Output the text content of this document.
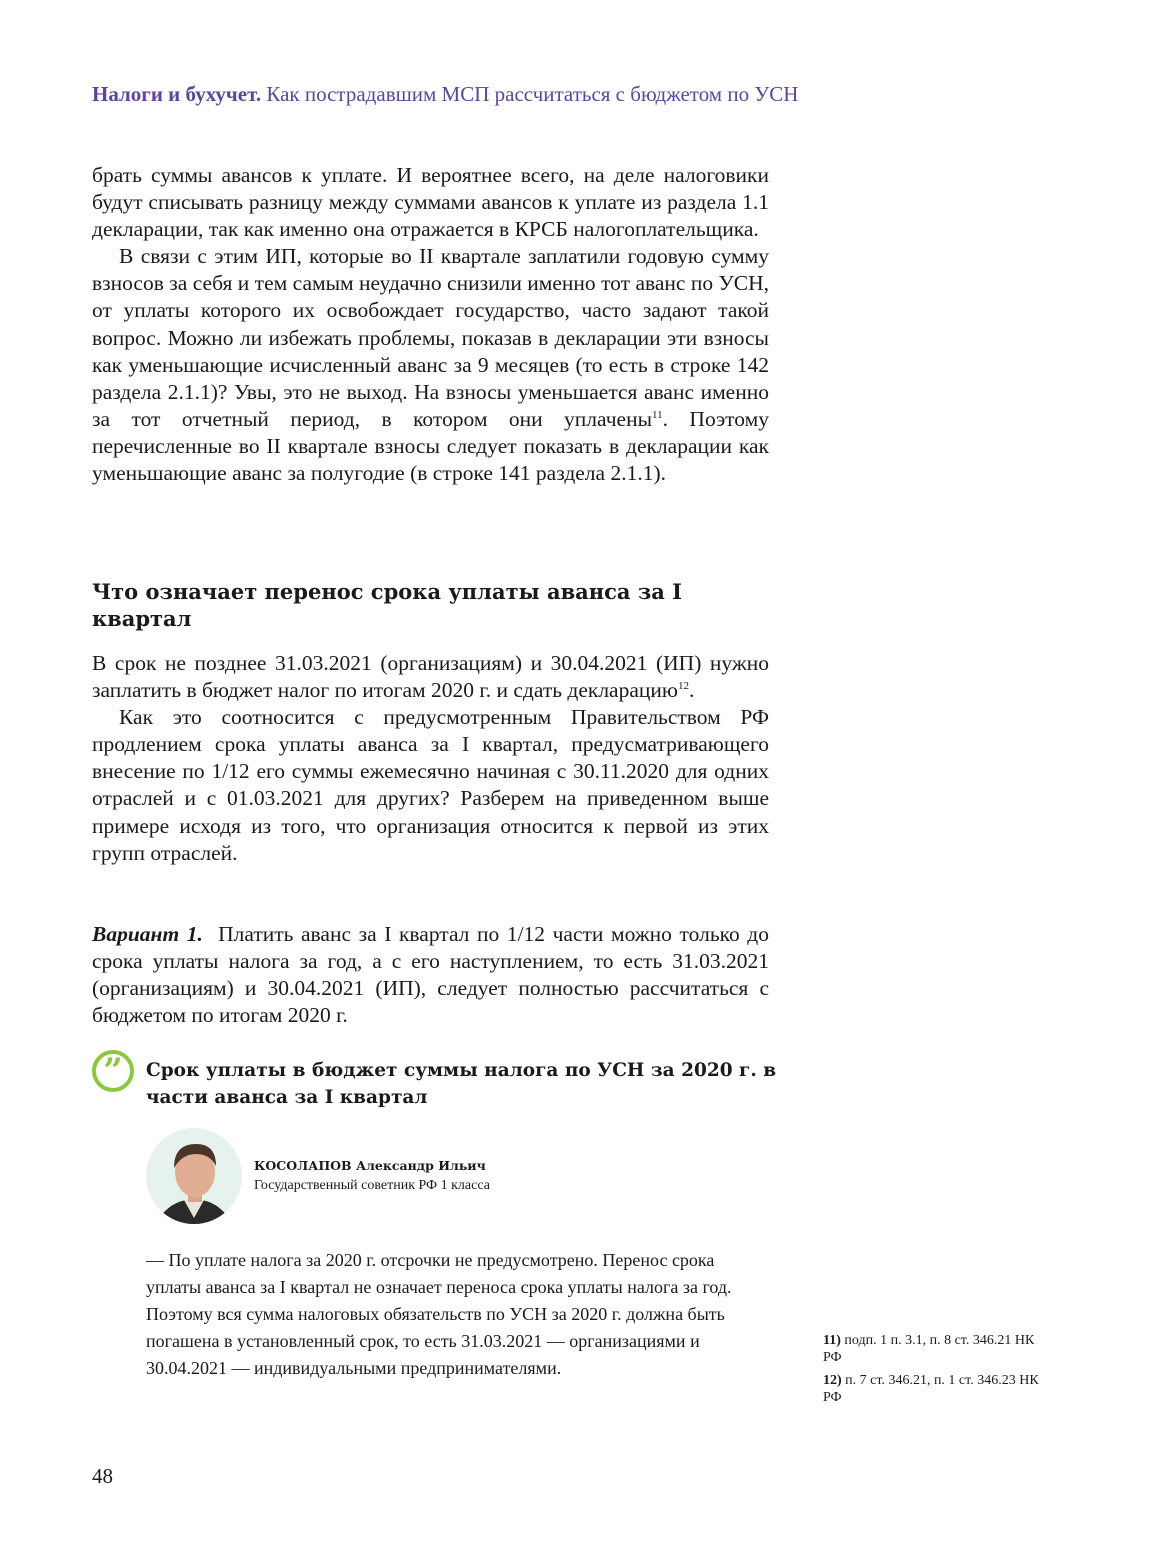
Налоги и бухучет. Как пострадавшим МСП рассчитаться с бюджетом по УСН

брать суммы авансов к уплате. И вероятнее всего, на деле налоговики будут списывать разницу между суммами авансов к уплате из раздела 1.1 декларации, так как именно она отражается в КРСБ налогоплательщика.

В связи с этим ИП, которые во II квартале заплатили годовую сумму взносов за себя и тем самым неудачно снизили именно тот аванс по УСН, от уплаты которого их освобождает государство, часто задают такой вопрос. Можно ли избежать проблемы, показав в декларации эти взносы как уменьшающие исчисленный аванс за 9 месяцев (то есть в строке 142 раздела 2.1.1)? Увы, это не выход. На взносы уменьшается аванс именно за тот отчетный период, в котором они уплачены$^{11}$. Поэтому перечисленные во II квартале взносы следует показать в декларации как уменьшающие аванс за полугодие (в строке 141 раздела 2.1.1).

Что означает перенос срока уплаты аванса за I квартал

В срок не позднее 31.03.2021 (организациям) и 30.04.2021 (ИП) нужно заплатить в бюджет налог по итогам 2020 г. и сдать декларацию$^{12}$.

Как это соотносится с предусмотренным Правительством РФ продлением срока уплаты аванса за I квартал, предусматривающего внесение по 1/12 его суммы ежемесячно начиная с 30.11.2020 для одних отраслей и с 01.03.2021 для других? Разберем на приведенном выше примере исходя из того, что организация относится к первой из этих групп отраслей.

Вариант 1. Платить аванс за I квартал по 1/12 части можно только до срока уплаты налога за год, а с его наступлением, то есть 31.03.2021 (организациям) и 30.04.2021 (ИП), следует полностью рассчитаться с бюджетом по итогам 2020 г.

”	Срок уплаты в бюджет суммы налога по УСН за 2020 г. в части аванса за I квартал
КОСОЛАПОВ Александр Ильич
Государственный советник РФ 1 класса

— По уплате налога за 2020 г. отсрочки не предусмотрено. Перенос срока уплаты аванса за I квартал не означает переноса срока уплаты налога за год. Поэтому вся сумма налоговых обязательств по УСН за 2020 г. должна быть погашена в установленный срок, то есть 31.03.2021 — организациями и 30.04.2021 — индивидуальными предпринимателями.

11) подп. 1 п. 3.1, п. 8 ст. 346.21 НК РФ
12) п. 7 ст. 346.21, п. 1 ст. 346.23 НК РФ
48
